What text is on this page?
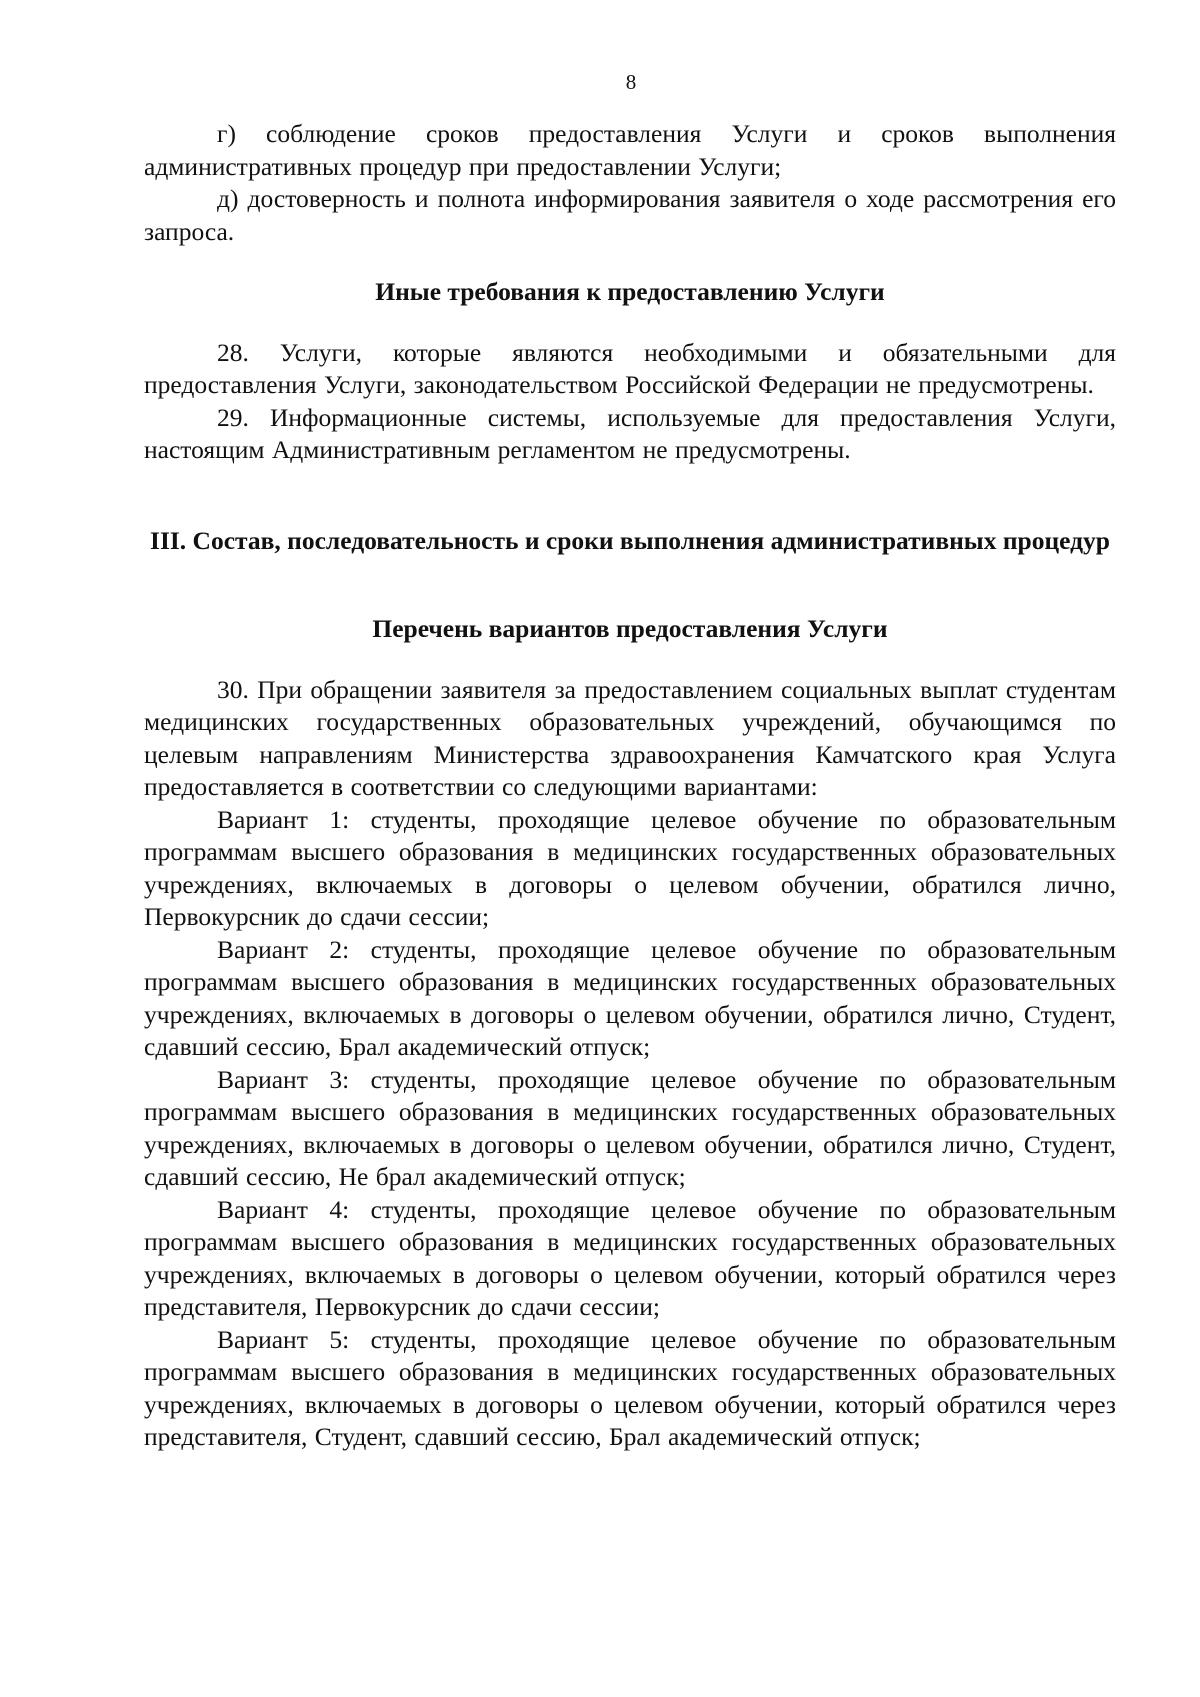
8

г) соблюдение сроков предоставления Услуги и сроков выполнения административных процедур при предоставлении Услуги;

д) достоверность и полнота информирования заявителя о ходе рассмотрения его запроса.

Иные требования к предоставлению Услуги

28. Услуги, которые являются необходимыми и обязательными для предоставления Услуги, законодательством Российской Федерации не предусмотрены.

29. Информационные системы, используемые для предоставления Услуги, настоящим Административным регламентом не предусмотрены.

III. Состав, последовательность и сроки выполнения административных процедур
Перечень вариантов предоставления Услуги

30. При обращении заявителя за предоставлением социальных выплат студентам медицинских государственных образовательных учреждений, обучающимся по целевым направлениям Министерства здравоохранения Камчатского края Услуга предоставляется в соответствии со следующими вариантами:

Вариант 1: студенты, проходящие целевое обучение по образовательным программам высшего образования в медицинских государственных образовательных учреждениях, включаемых в договоры о целевом обучении, обратился лично, Первокурсник до сдачи сессии;

Вариант 2: студенты, проходящие целевое обучение по образовательным программам высшего образования в медицинских государственных образовательных учреждениях, включаемых в договоры о целевом обучении, обратился лично, Студент, сдавший сессию, Брал академический отпуск;

Вариант 3: студенты, проходящие целевое обучение по образовательным программам высшего образования в медицинских государственных образовательных учреждениях, включаемых в договоры о целевом обучении, обратился лично, Студент, сдавший сессию, Не брал академический отпуск;

Вариант 4: студенты, проходящие целевое обучение по образовательным программам высшего образования в медицинских государственных образовательных учреждениях, включаемых в договоры о целевом обучении, который обратился через представителя, Первокурсник до сдачи сессии;

Вариант 5: студенты, проходящие целевое обучение по образовательным программам высшего образования в медицинских государственных образовательных учреждениях, включаемых в договоры о целевом обучении, который обратился через представителя, Студент, сдавший сессию, Брал академический отпуск;
